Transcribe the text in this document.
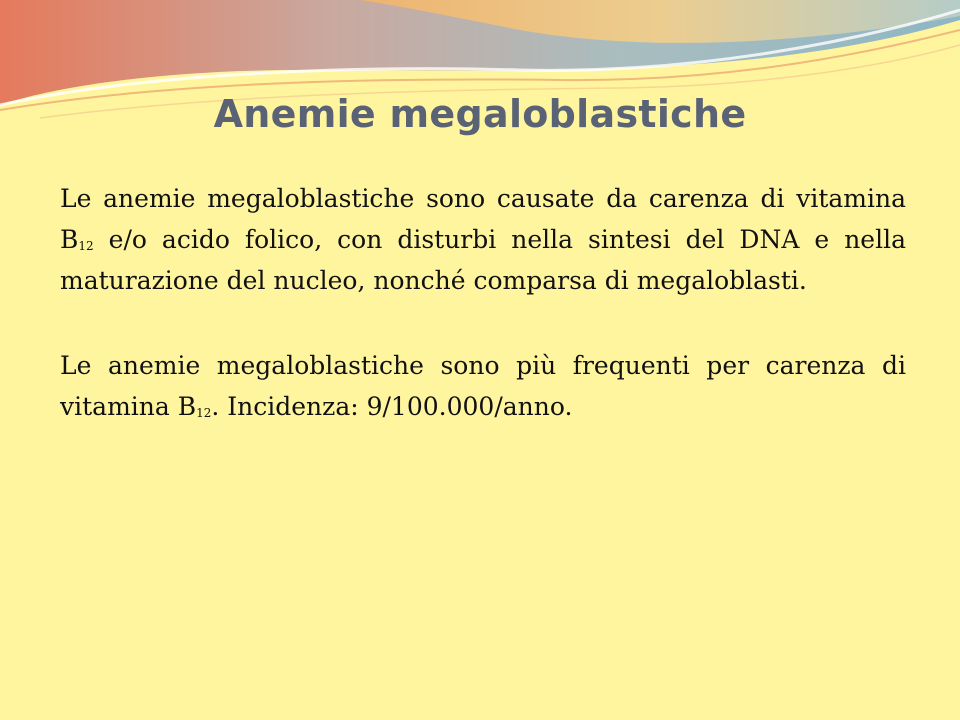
Anemie megaloblastiche

Le anemie megaloblastiche sono causate da carenza di vitamina $B_{12}$ e/o acido folico, con disturbi nella sintesi del DNA e nella maturazione del nucleo, nonché comparsa di megaloblasti.

Le anemie megaloblastiche sono più frequenti per carenza di vitamina $B_{12}$. Incidenza: 9/100.000/anno.
